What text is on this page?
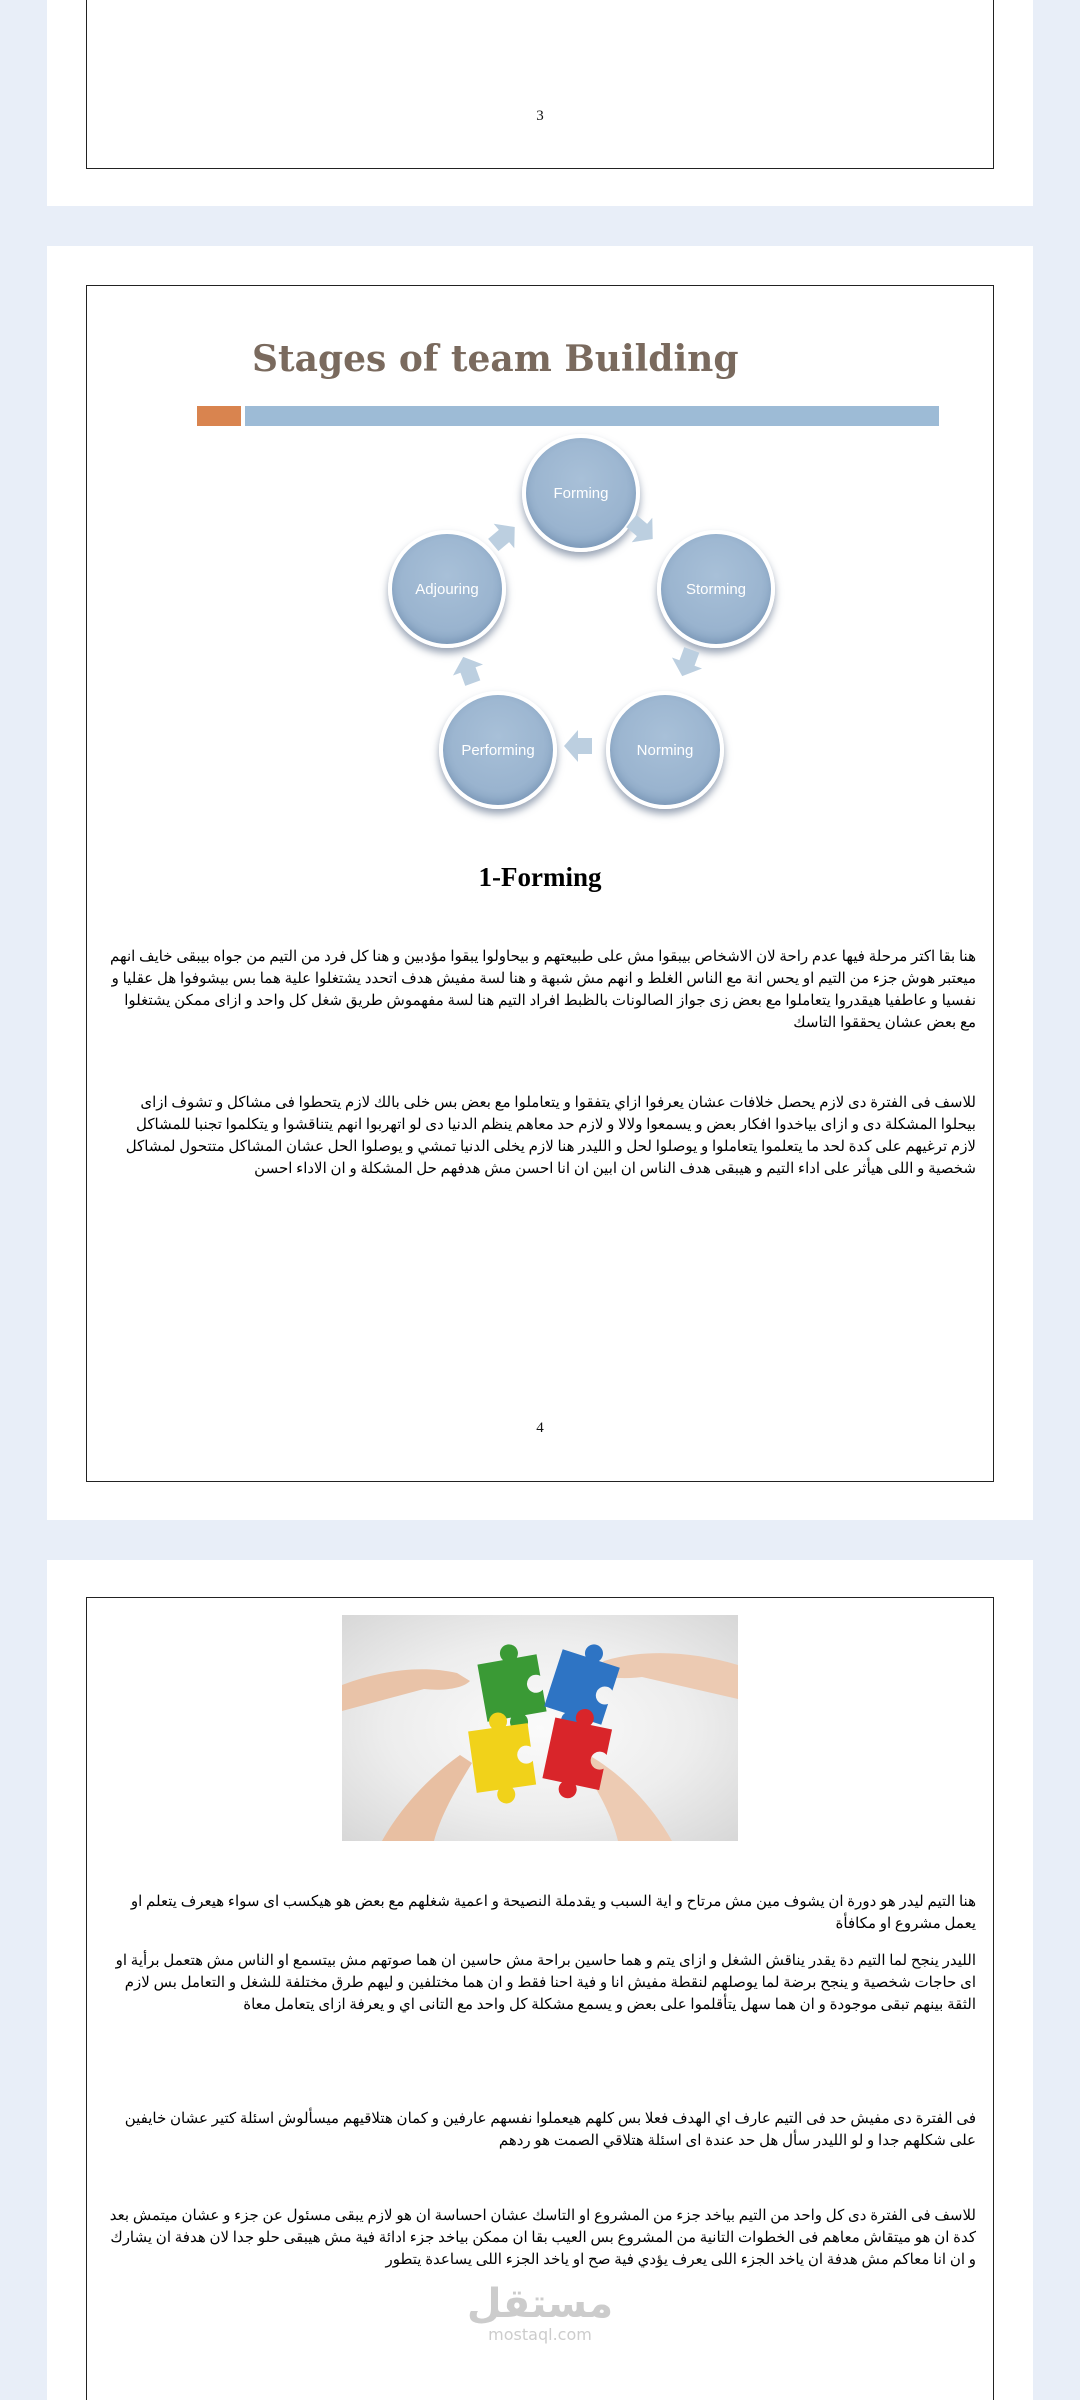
3
Stages of team Building
Forming
Storming
Norming
Performing
Adjouring
1-Forming

هنا بقا اكتر مرحلة فيها عدم راحة لان الاشخاص بيبقوا مش على طبيعتهم و بيحاولوا يبقوا مؤدبين و هنا كل فرد من التيم من جواه بيبقى خايف انهم ميعتبر هوش جزء من التيم او يحس انة مع الناس الغلط و انهم مش شبهة و هنا لسة مفيش هدف اتحدد يشتغلوا علية هما بس بيشوفوا هل عقليا و نفسيا و عاطفيا هيقدروا يتعاملوا مع بعض زى جواز الصالونات بالظبط افراد التيم هنا لسة مفهموش طريق شغل كل واحد و ازاى ممكن يشتغلوا مع بعض عشان يحققوا التاسك

للاسف فى الفترة دى لازم يحصل خلافات عشان يعرفوا ازاي يتفقوا و يتعاملوا مع بعض بس خلى بالك لازم يتحطوا فى مشاكل و تشوف ازاى بيحلوا المشكلة دى و ازاى بياخدوا افكار بعض و يسمعوا ولالا و لازم حد معاهم ينظم الدنيا دى لو اتهربوا انهم يتناقشوا و يتكلموا تجنبا للمشاكل لازم ترغيهم على كدة لحد ما يتعلموا يتعاملوا و يوصلوا لحل و الليدر هنا لازم يخلى الدنيا تمشي و يوصلوا الحل عشان المشاكل متتحول لمشاكل شخصية و اللى هيأثر على اداء التيم و هيبقى هدف الناس ان ابين ان انا احسن مش هدفهم حل المشكلة و ان الاداء احسن

4

هنا التيم ليدر هو دورة ان يشوف مين مش مرتاح و اية السبب و يقدملة النصيحة و اعمية شغلهم مع بعض هو هيكسب اى سواء هيعرف يتعلم او يعمل مشروع او مكافأة

الليدر ينجح لما التيم دة يقدر يناقش الشغل و ازاى يتم و هما حاسين براحة مش حاسين ان هما صوتهم مش بيتسمع او الناس مش هتعمل برأية او اى حاجات شخصية و ينجح برضة لما يوصلهم لنقطة مفيش انا و فية احنا فقط و ان هما مختلفين و ليهم طرق مختلفة للشغل و التعامل بس لازم الثقة بينهم تبقى موجودة و ان هما سهل يتأقلموا على بعض و يسمع مشكلة كل واحد مع التانى اي و يعرفة ازاى يتعامل معاة

فى الفترة دى مفيش حد فى التيم عارف اي الهدف فعلا بس كلهم هيعملوا نفسهم عارفين و كمان هتلاقيهم ميسألوش اسئلة كتير عشان خايفين على شكلهم جدا و لو الليدر سأل هل حد عندة اى اسئلة هتلاقي الصمت هو ردهم

للاسف فى الفترة دى كل واحد من التيم بياخد جزء من المشروع او التاسك عشان احساسة ان هو لازم يبقى مسئول عن جزء و عشان ميتمش بعد كدة ان هو ميتقاش معاهم فى الخطوات التانية من المشروع بس العيب بقا ان ممكن بياخد جزء ادائة فية مش هيبقى حلو جدا لان هدفة ان يشارك و ان انا معاكم مش هدفة ان ياخد الجزء اللى يعرف يؤدي فية صح او ياخد الجزء اللى يساعدة يتطور

مستقل
mostaql.com
